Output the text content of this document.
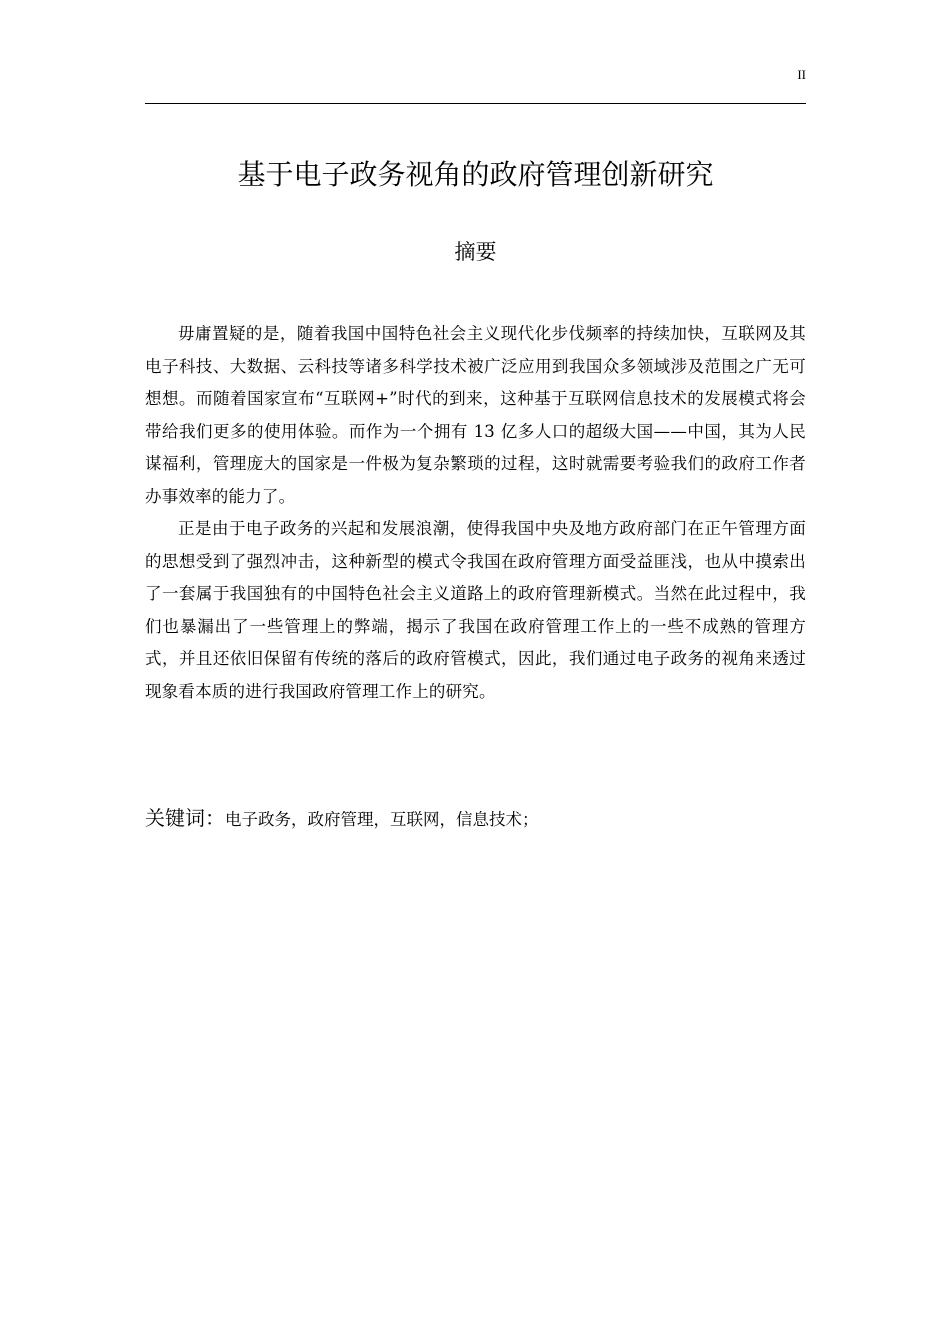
II
基于电子政务视角的政府管理创新研究
摘要

毋庸置疑的是，随着我国中国特色社会主义现代化步伐频率的持续加快，互联网及其电子科技、大数据、云科技等诸多科学技术被广泛应用到我国众多领域涉及范围之广无可想想。而随着国家宣布“互联网+”时代的到来，这种基于互联网信息技术的发展模式将会带给我们更多的使用体验。而作为一个拥有 13 亿多人口的超级大国——中国，其为人民谋福利，管理庞大的国家是一件极为复杂繁琐的过程，这时就需要考验我们的政府工作者办事效率的能力了。

正是由于电子政务的兴起和发展浪潮，使得我国中央及地方政府部门在正午管理方面的思想受到了强烈冲击，这种新型的模式令我国在政府管理方面受益匪浅，也从中摸索出了一套属于我国独有的中国特色社会主义道路上的政府管理新模式。当然在此过程中，我们也暴漏出了一些管理上的弊端，揭示了我国在政府管理工作上的一些不成熟的管理方式，并且还依旧保留有传统的落后的政府管模式，因此，我们通过电子政务的视角来透过现象看本质的进行我国政府管理工作上的研究。

关键词：电子政务，政府管理，互联网，信息技术；
